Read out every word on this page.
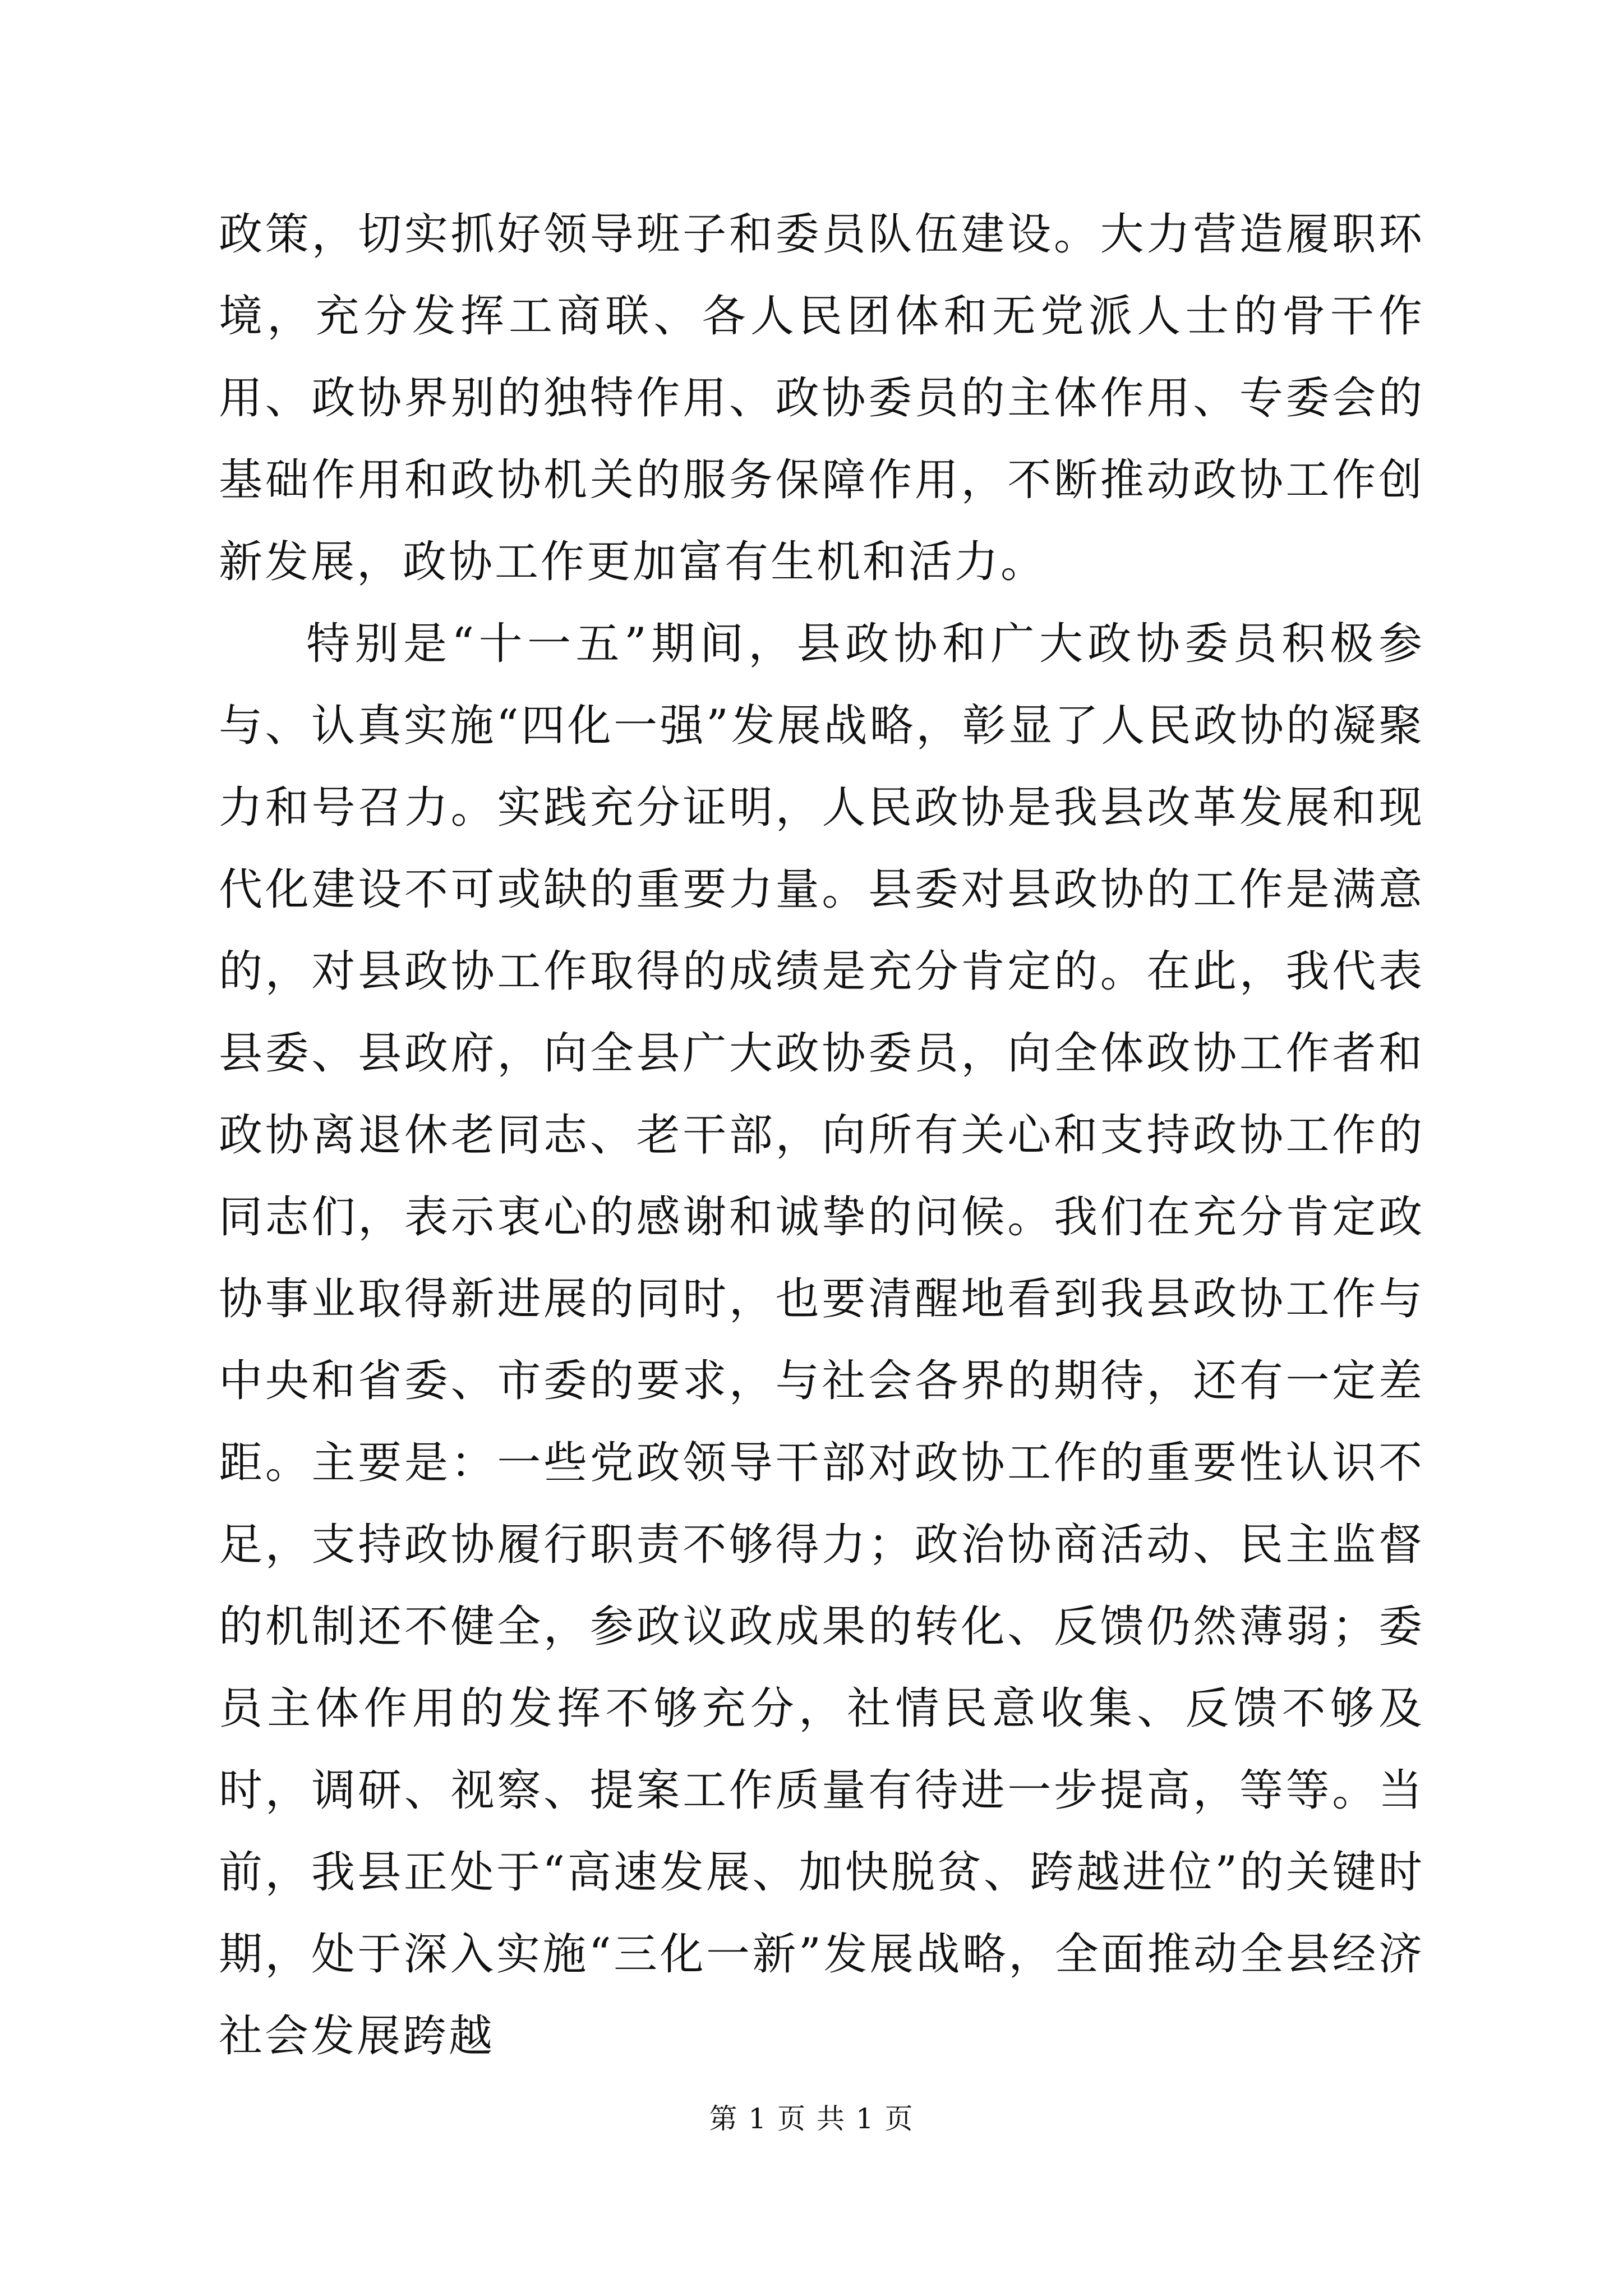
政策，切实抓好领导班子和委员队伍建设。大力营造履职环境，充分发挥工商联、各人民团体和无党派人士的骨干作用、政协界别的独特作用、政协委员的主体作用、专委会的基础作用和政协机关的服务保障作用，不断推动政协工作创新发展，政协工作更加富有生机和活力。

特别是“十一五”期间，县政协和广大政协委员积极参与、认真实施“四化一强”发展战略，彰显了人民政协的凝聚力和号召力。实践充分证明，人民政协是我县改革发展和现代化建设不可或缺的重要力量。县委对县政协的工作是满意的，对县政协工作取得的成绩是充分肯定的。在此，我代表县委、县政府，向全县广大政协委员，向全体政协工作者和政协离退休老同志、老干部，向所有关心和支持政协工作的同志们，表示衷心的感谢和诚挚的问候。我们在充分肯定政协事业取得新进展的同时，也要清醒地看到我县政协工作与中央和省委、市委的要求，与社会各界的期待，还有一定差距。主要是：一些党政领导干部对政协工作的重要性认识不足，支持政协履行职责不够得力；政治协商活动、民主监督的机制还不健全，参政议政成果的转化、反馈仍然薄弱；委员主体作用的发挥不够充分，社情民意收集、反馈不够及时，调研、视察、提案工作质量有待进一步提高，等等。当前，我县正处于“高速发展、加快脱贫、跨越进位”的关键时期，处于深入实施“三化一新”发展战略，全面推动全县经济社会发展跨越

第 1 页 共 1 页
